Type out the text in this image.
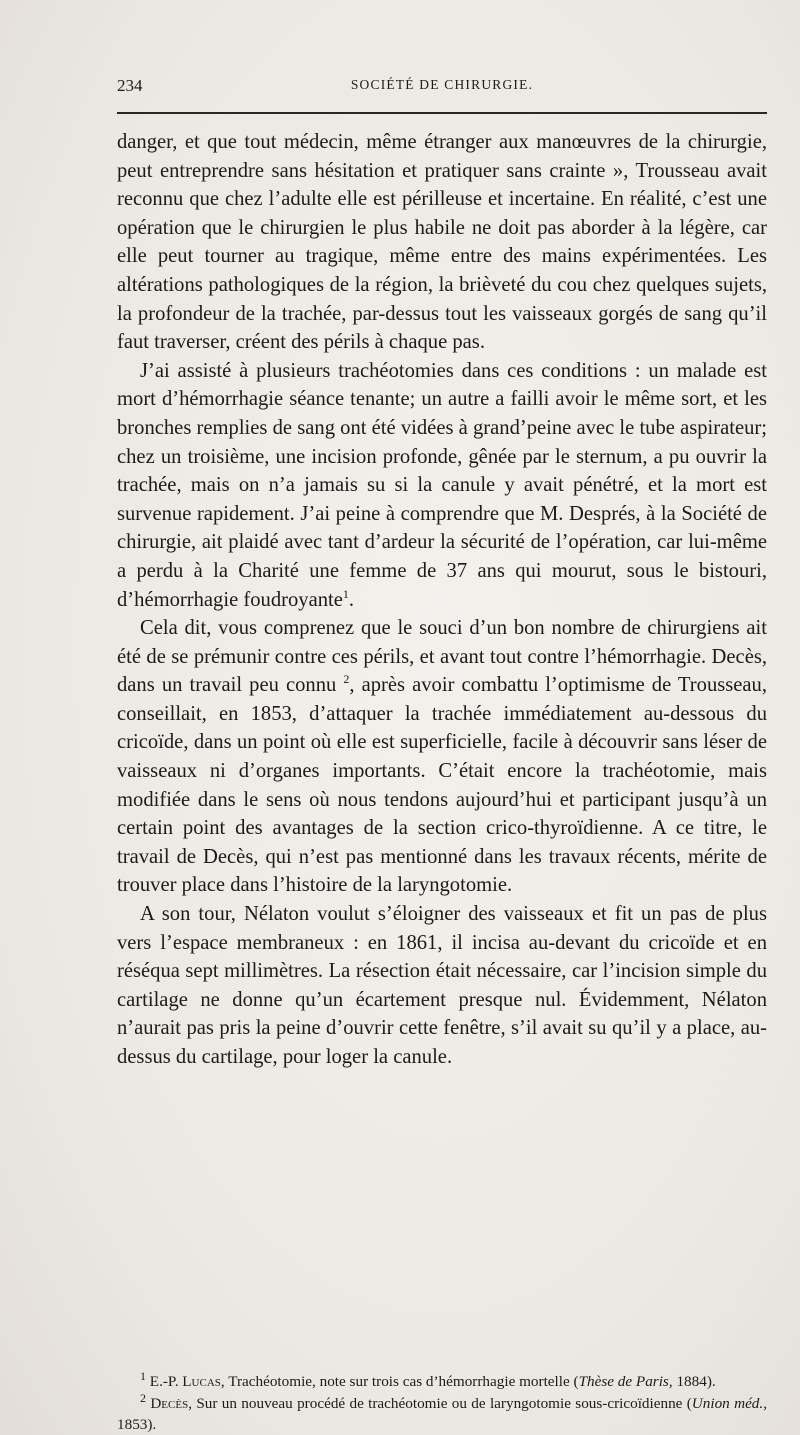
234	SOCIÉTÉ DE CHIRURGIE.

danger, et que tout médecin, même étranger aux manœuvres de la chirurgie, peut entreprendre sans hésitation et pratiquer sans crainte », Trousseau avait reconnu que chez l’adulte elle est périlleuse et incertaine. En réalité, c’est une opération que le chirurgien le plus habile ne doit pas aborder à la légère, car elle peut tourner au tragique, même entre des mains expérimentées. Les altérations pathologiques de la région, la brièveté du cou chez quelques sujets, la profondeur de la trachée, par-dessus tout les vaisseaux gorgés de sang qu’il faut traverser, créent des périls à chaque pas.

J’ai assisté à plusieurs trachéotomies dans ces conditions : un malade est mort d’hémorrhagie séance tenante; un autre a failli avoir le même sort, et les bronches remplies de sang ont été vidées à grand’peine avec le tube aspirateur; chez un troisième, une incision profonde, gênée par le sternum, a pu ouvrir la trachée, mais on n’a jamais su si la canule y avait pénétré, et la mort est survenue rapidement. J’ai peine à comprendre que M. Després, à la Société de chirurgie, ait plaidé avec tant d’ardeur la sécurité de l’opération, car lui-même a perdu à la Charité une femme de 37 ans qui mourut, sous le bistouri, d’hémorrhagie foudroyante$^1$.

Cela dit, vous comprenez que le souci d’un bon nombre de chirurgiens ait été de se prémunir contre ces périls, et avant tout contre l’hémorrhagie. Decès, dans un travail peu connu $^2$, après avoir combattu l’optimisme de Trousseau, conseillait, en 1853, d’attaquer la trachée immédiatement au-dessous du cricoïde, dans un point où elle est superficielle, facile à découvrir sans léser de vaisseaux ni d’organes importants. C’était encore la trachéotomie, mais modifiée dans le sens où nous tendons aujourd’hui et participant jusqu’à un certain point des avantages de la section crico-thyroïdienne. A ce titre, le travail de Decès, qui n’est pas mentionné dans les travaux récents, mérite de trouver place dans l’histoire de la laryngotomie.

A son tour, Nélaton voulut s’éloigner des vaisseaux et fit un pas de plus vers l’espace membraneux : en 1861, il incisa au-devant du cricoïde et en réséqua sept millimètres. La résection était nécessaire, car l’incision simple du cartilage ne donne qu’un écartement presque nul. Évidemment, Nélaton n’aurait pas pris la peine d’ouvrir cette fenêtre, s’il avait su qu’il y a place, au-dessus du cartilage, pour loger la canule.

$^1$ E.-P. Lucas, Trachéotomie, note sur trois cas d’hémorrhagie mortelle (Thèse de Paris, 1884).

$^2$ Decès, Sur un nouveau procédé de trachéotomie ou de laryngotomie sous-cricoïdienne (Union méd., 1853).
